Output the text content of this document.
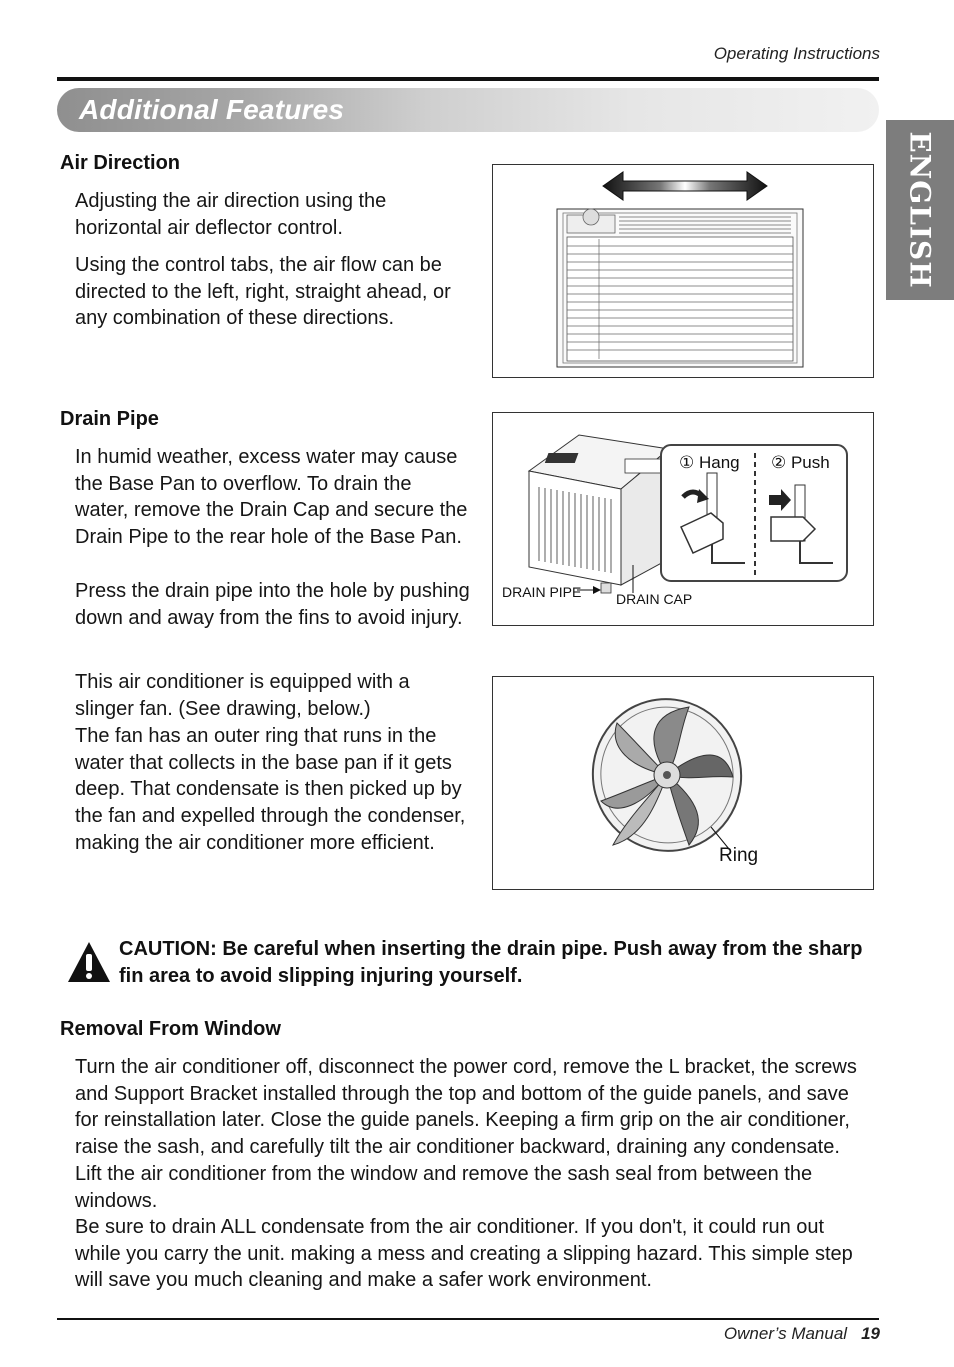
Operating Instructions
Additional Features
ENGLISH
Air Direction

Adjusting the air direction using the horizontal air deflector control.

Using the control tabs, the air flow can be directed to the left, right, straight ahead, or any combination of these directions.

Drain Pipe

In humid weather, excess water may cause the Base Pan to overflow. To drain the water, remove the Drain Cap and secure the Drain Pipe to the rear hole of the Base Pan.

Press the drain pipe into the hole by pushing down and away from the fins to avoid injury.

This air conditioner is equipped with a slinger fan. (See drawing, below.)

The fan has an outer ring that runs in the water that collects in the base pan if it gets deep. That condensate is then picked up by the fan and expelled through the condenser, making the air conditioner more efficient.

① Hang ② Push
DRAIN PIPE DRAIN CAP
Ring
CAUTION: Be careful when inserting the drain pipe. Push away from the sharp fin area to avoid slipping injuring yourself.
Removal From Window

Turn the air conditioner off, disconnect the power cord, remove the L bracket, the screws and Support Bracket installed through the top and bottom of the guide panels, and save for reinstallation later. Close the guide panels. Keeping a firm grip on the air conditioner, raise the sash, and carefully tilt the air conditioner backward, draining any condensate. Lift the air conditioner from the window and remove the sash seal from between the windows.

Be sure to drain ALL condensate from the air conditioner. If you don't, it could run out while you carry the unit. making a mess and creating a slipping hazard. This simple step will save you much cleaning and make a safer work environment.

Owner’s Manual 19
